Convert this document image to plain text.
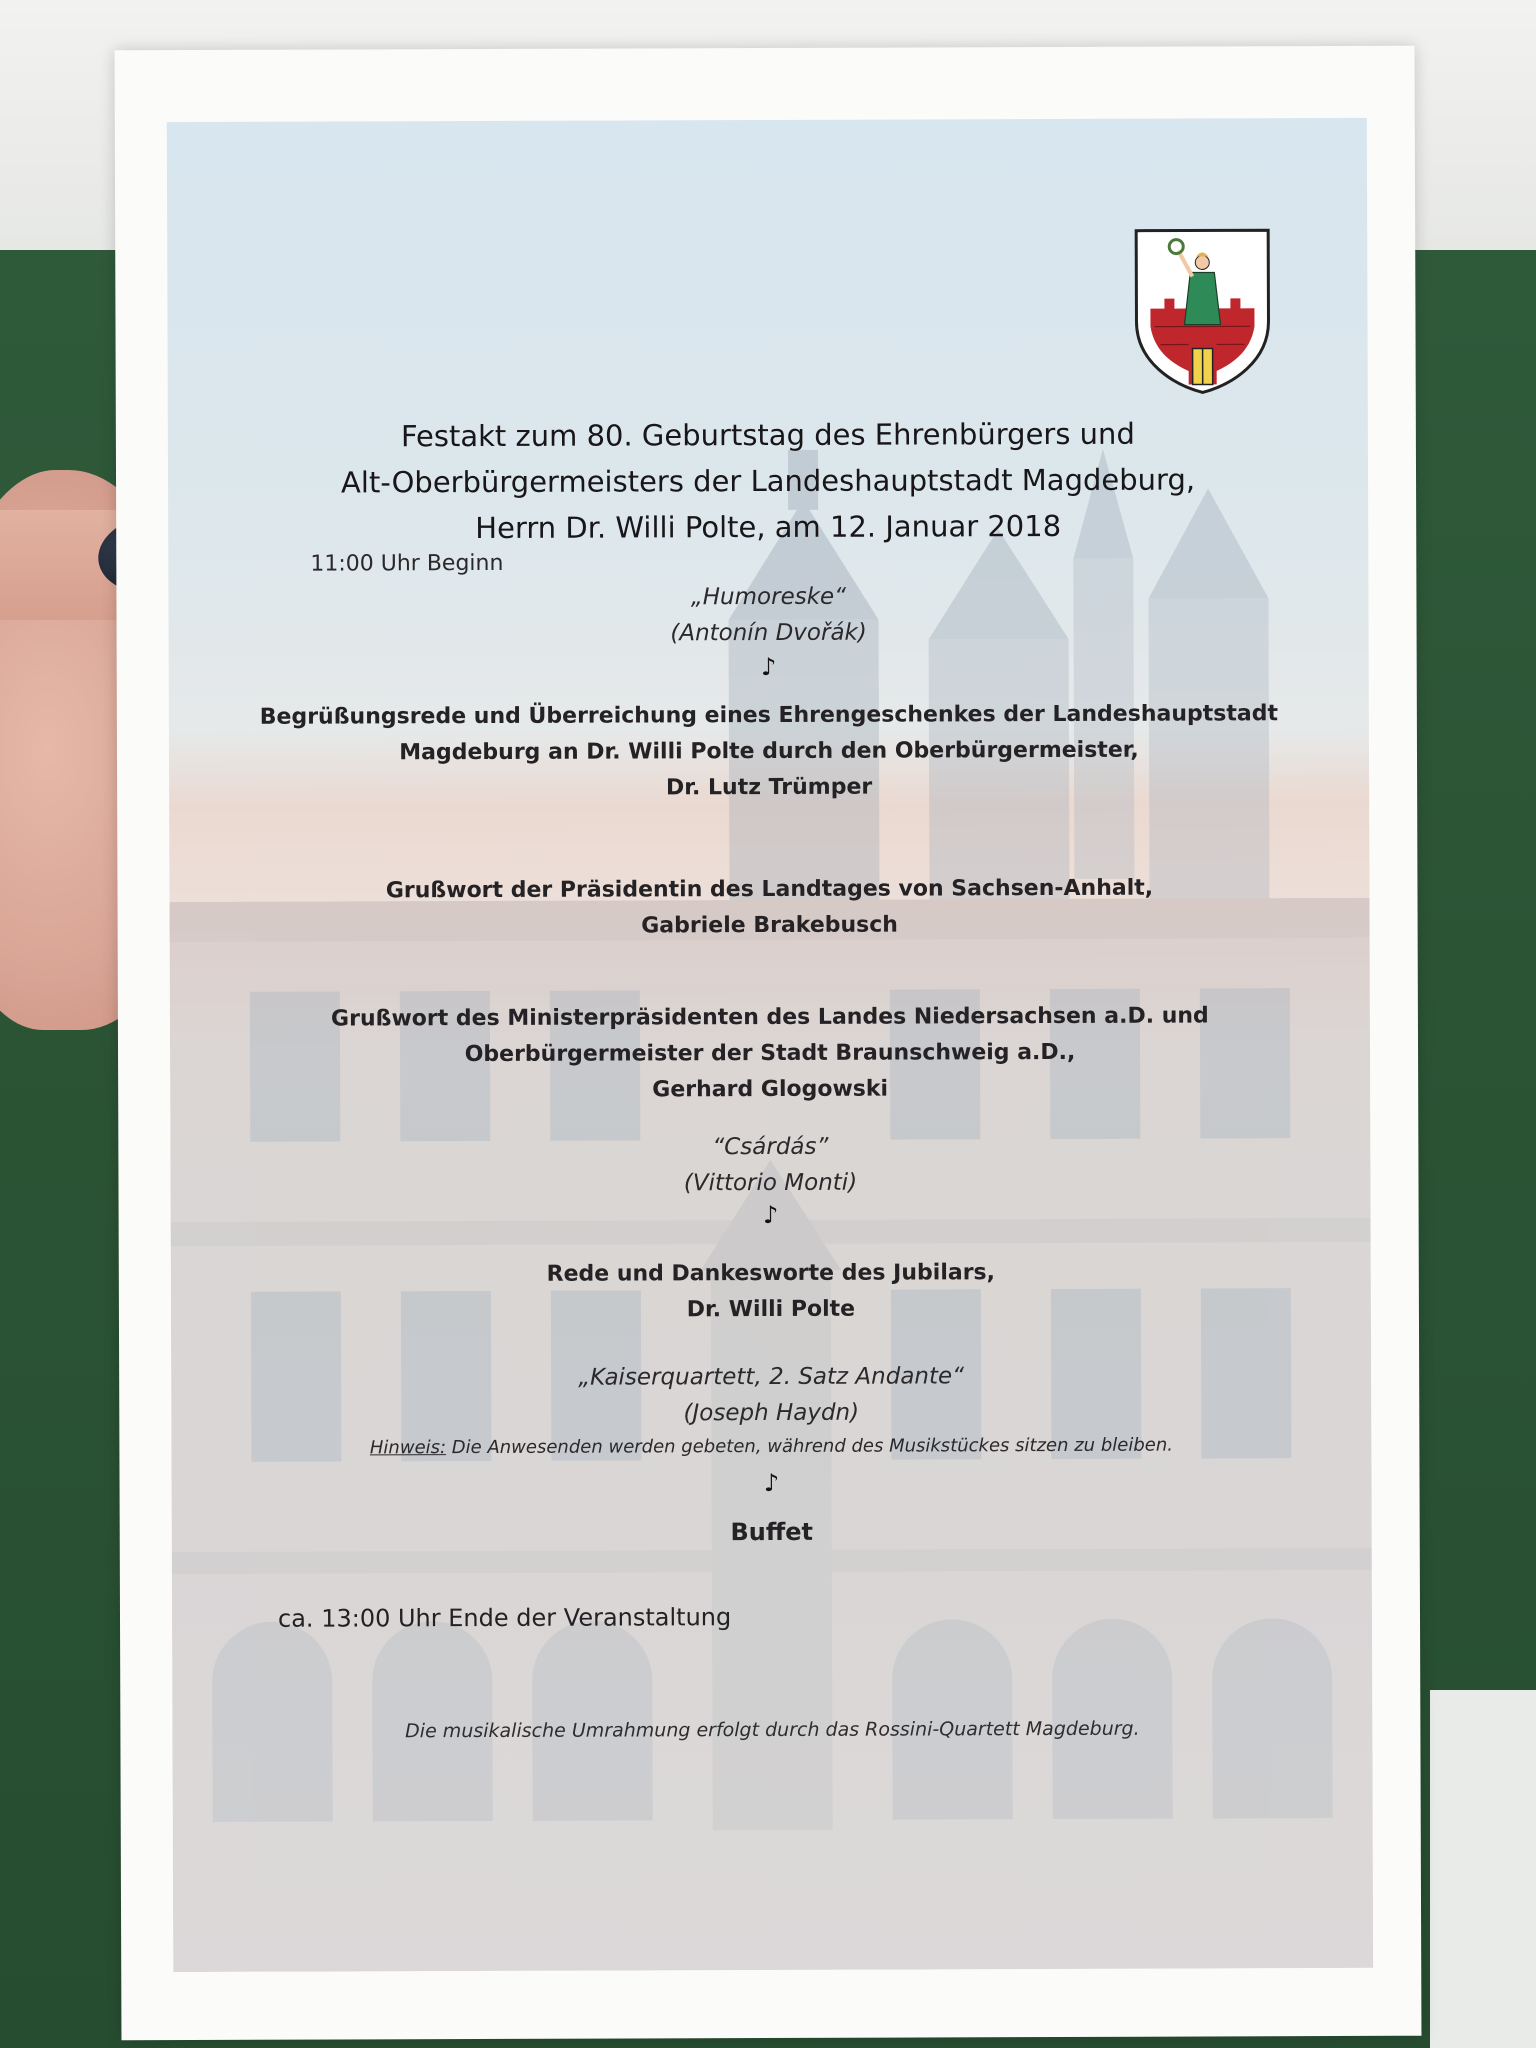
Festakt zum 80. Geburtstag des Ehrenbürgers und
Alt-Oberbürgermeisters der Landeshauptstadt Magdeburg,
Herrn Dr. Willi Polte, am 12. Januar 2018
11:00 Uhr Beginn
„Humoreske“
(Antonín Dvořák)
♪
Begrüßungsrede und Überreichung eines Ehrengeschenkes der Landeshauptstadt
Magdeburg an Dr. Willi Polte durch den Oberbürgermeister,
Dr. Lutz Trümper
Grußwort der Präsidentin des Landtages von Sachsen-Anhalt,
Gabriele Brakebusch
Grußwort des Ministerpräsidenten des Landes Niedersachsen a.D. und
Oberbürgermeister der Stadt Braunschweig a.D.,
Gerhard Glogowski
“Csárdás”
(Vittorio Monti)
♪
Rede und Dankesworte des Jubilars,
Dr. Willi Polte
„Kaiserquartett, 2. Satz Andante“
(Joseph Haydn)
Hinweis: Die Anwesenden werden gebeten, während des Musikstückes sitzen zu bleiben.
♪
Buffet
ca. 13:00 Uhr Ende der Veranstaltung
Die musikalische Umrahmung erfolgt durch das Rossini-Quartett Magdeburg.
